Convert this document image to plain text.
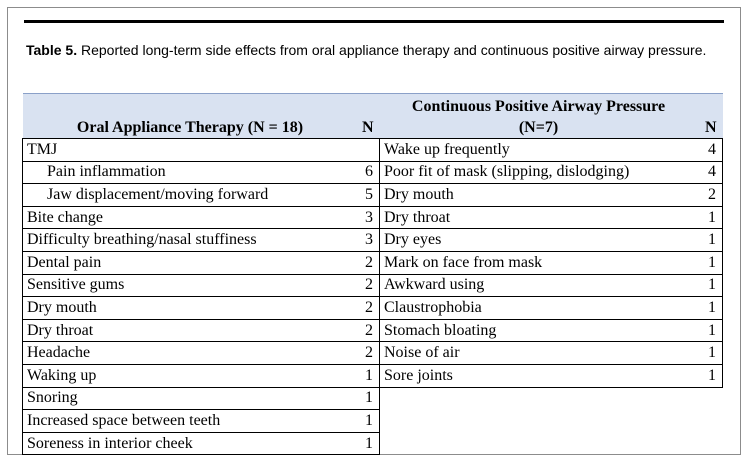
Table 5. Reported long-term side effects from oral appliance therapy and continuous positive airway pressure.
Oral Appliance Therapy (N = 18)	N	Continuous Positive Airway Pressure
(N=7)	N
TMJ		Wake up frequently	4
Pain inflammation	6	Poor fit of mask (slipping, dislodging)	4
Jaw displacement/moving forward	5	Dry mouth	2
Bite change	3	Dry throat	1
Difficulty breathing/nasal stuffiness	3	Dry eyes	1
Dental pain	2	Mark on face from mask	1
Sensitive gums	2	Awkward using	1
Dry mouth	2	Claustrophobia	1
Dry throat	2	Stomach bloating	1
Headache	2	Noise of air	1
Waking up	1	Sore joints	1
Snoring	1		
Increased space between teeth	1		
Soreness in interior cheek	1		
